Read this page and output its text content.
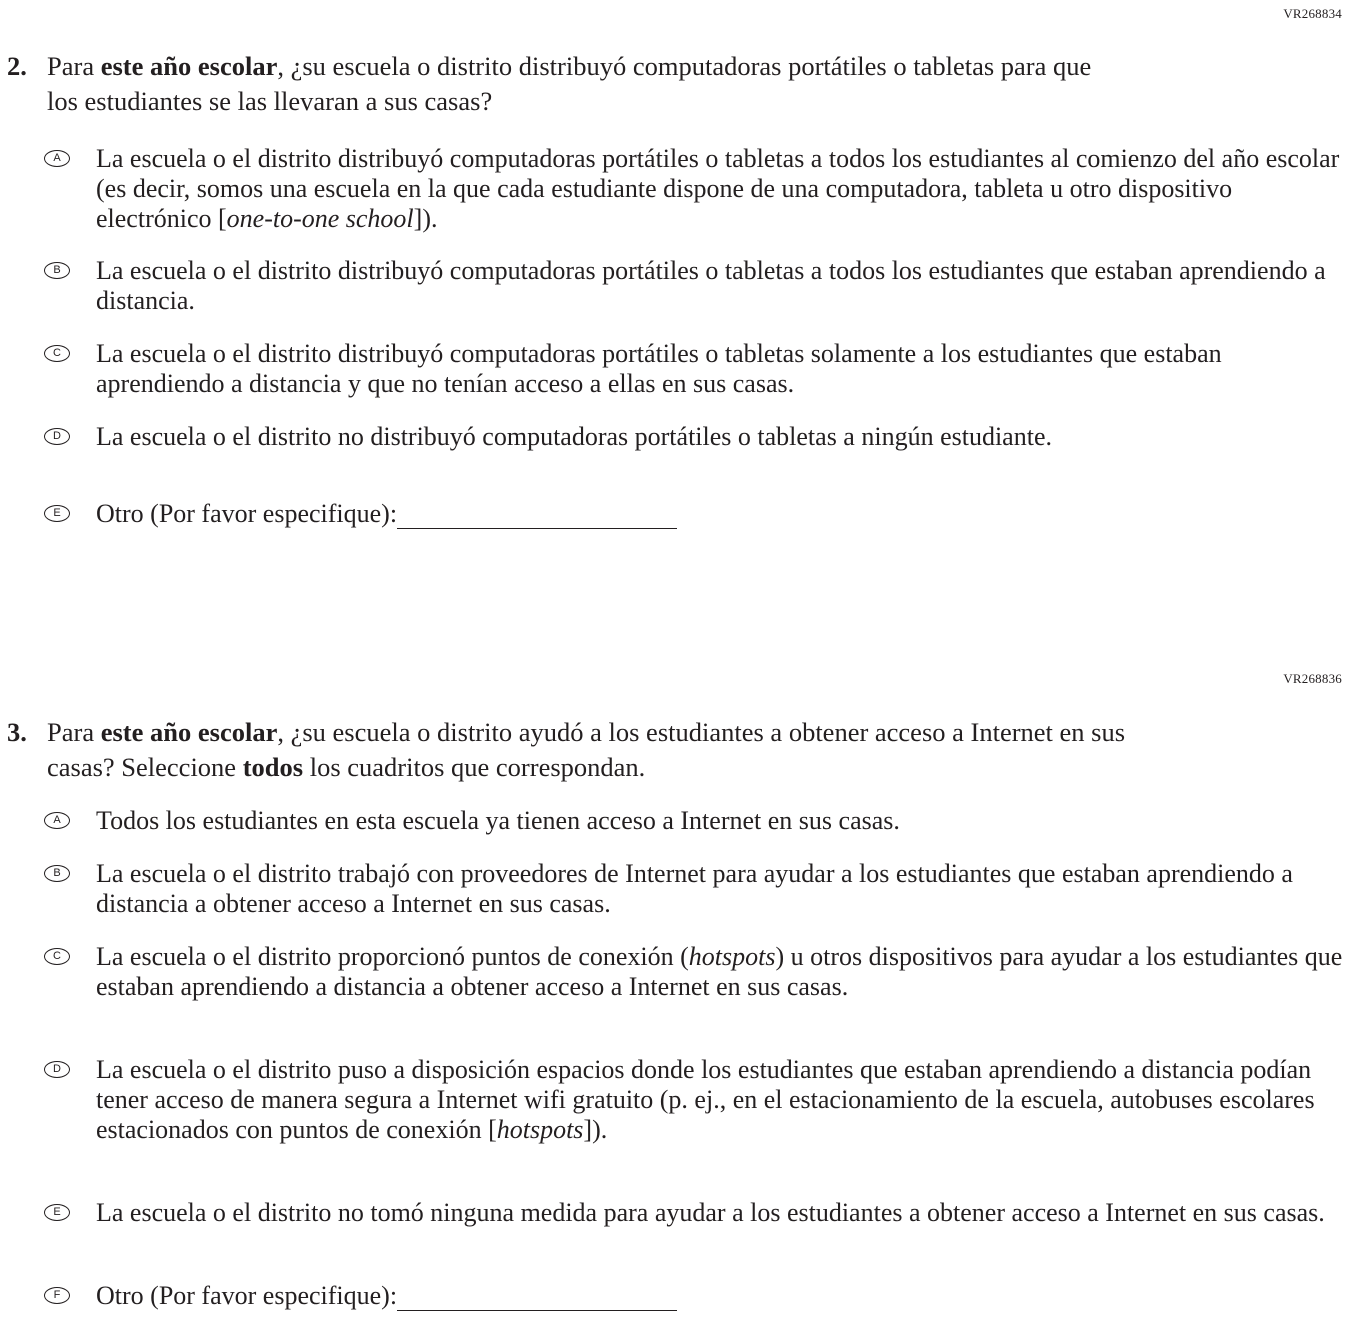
VR268834
2. Para este año escolar, ¿su escuela o distrito distribuyó computadoras portátiles o tabletas para que los estudiantes se las llevaran a sus casas?
A	La escuela o el distrito distribuyó computadoras portátiles o tabletas a todos los estudiantes al comienzo del año escolar (es decir, somos una escuela en la que cada estudiante dispone de una computadora, tableta u otro dispositivo electrónico [one-to-one school]).
B	La escuela o el distrito distribuyó computadoras portátiles o tabletas a todos los estudiantes que estaban aprendiendo a distancia.
C	La escuela o el distrito distribuyó computadoras portátiles o tabletas solamente a los estudiantes que estaban aprendiendo a distancia y que no tenían acceso a ellas en sus casas.
D	La escuela o el distrito no distribuyó computadoras portátiles o tabletas a ningún estudiante.
E	Otro (Por favor especifique):
VR268836
3. Para este año escolar, ¿su escuela o distrito ayudó a los estudiantes a obtener acceso a Internet en sus casas? Seleccione todos los cuadritos que correspondan.
A	Todos los estudiantes en esta escuela ya tienen acceso a Internet en sus casas.
B	La escuela o el distrito trabajó con proveedores de Internet para ayudar a los estudiantes que estaban aprendiendo a distancia a obtener acceso a Internet en sus casas.
C	La escuela o el distrito proporcionó puntos de conexión (hotspots) u otros dispositivos para ayudar a los estudiantes que estaban aprendiendo a distancia a obtener acceso a Internet en sus casas.
D	La escuela o el distrito puso a disposición espacios donde los estudiantes que estaban aprendiendo a distancia podían tener acceso de manera segura a Internet wifi gratuito (p. ej., en el estacionamiento de la escuela, autobuses escolares estacionados con puntos de conexión [hotspots]).
E	La escuela o el distrito no tomó ninguna medida para ayudar a los estudiantes a obtener acceso a Internet en sus casas.
F	Otro (Por favor especifique):
